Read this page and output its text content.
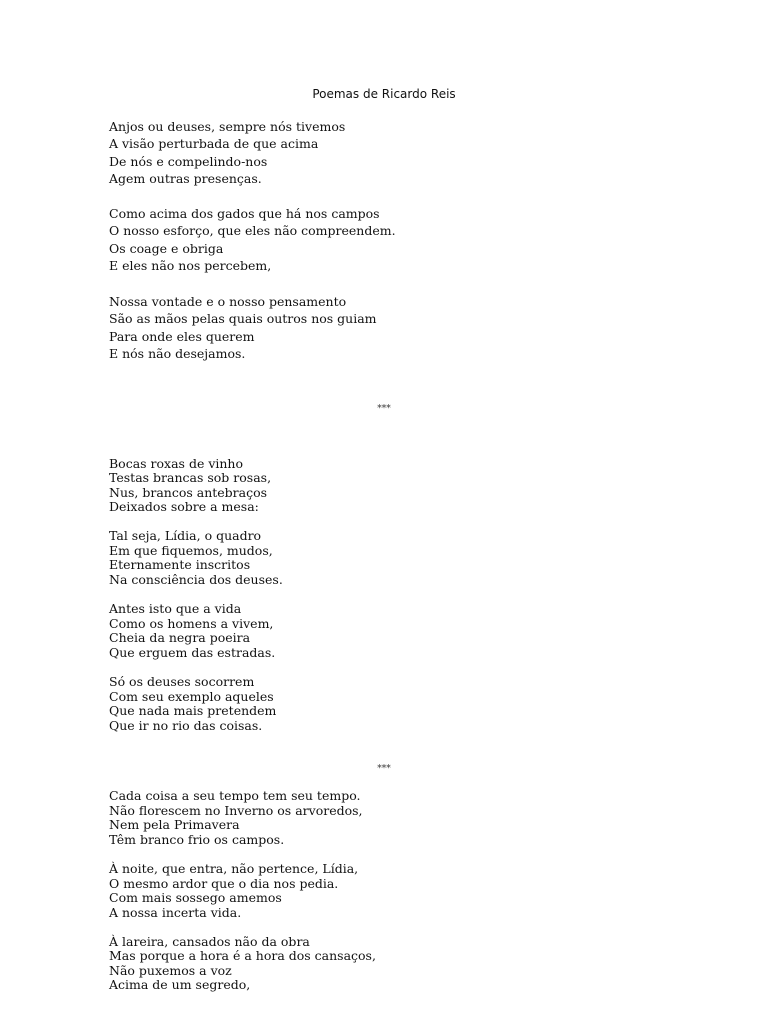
Poemas de Ricardo Reis
Anjos ou deuses, sempre nós tivemos
A visão perturbada de que acima
De nós e compelindo-nos
Agem outras presenças.
Como acima dos gados que há nos campos
O nosso esforço, que eles não compreendem.
Os coage e obriga
E eles não nos percebem,
Nossa vontade e o nosso pensamento
São as mãos pelas quais outros nos guiam
Para onde eles querem
E nós não desejamos.
***
Bocas roxas de vinho
Testas brancas sob rosas,
Nus, brancos antebraços
Deixados sobre a mesa:
Tal seja, Lídia, o quadro
Em que fiquemos, mudos,
Eternamente inscritos
Na consciência dos deuses.
Antes isto que a vida
Como os homens a vivem,
Cheia da negra poeira
Que erguem das estradas.
Só os deuses socorrem
Com seu exemplo aqueles
Que nada mais pretendem
Que ir no rio das coisas.
***
Cada coisa a seu tempo tem seu tempo.
Não florescem no Inverno os arvoredos,
Nem pela Primavera
Têm branco frio os campos.
À noite, que entra, não pertence, Lídia,
O mesmo ardor que o dia nos pedia.
Com mais sossego amemos
A nossa incerta vida.
À lareira, cansados não da obra
Mas porque a hora é a hora dos cansaços,
Não puxemos a voz
Acima de um segredo,
